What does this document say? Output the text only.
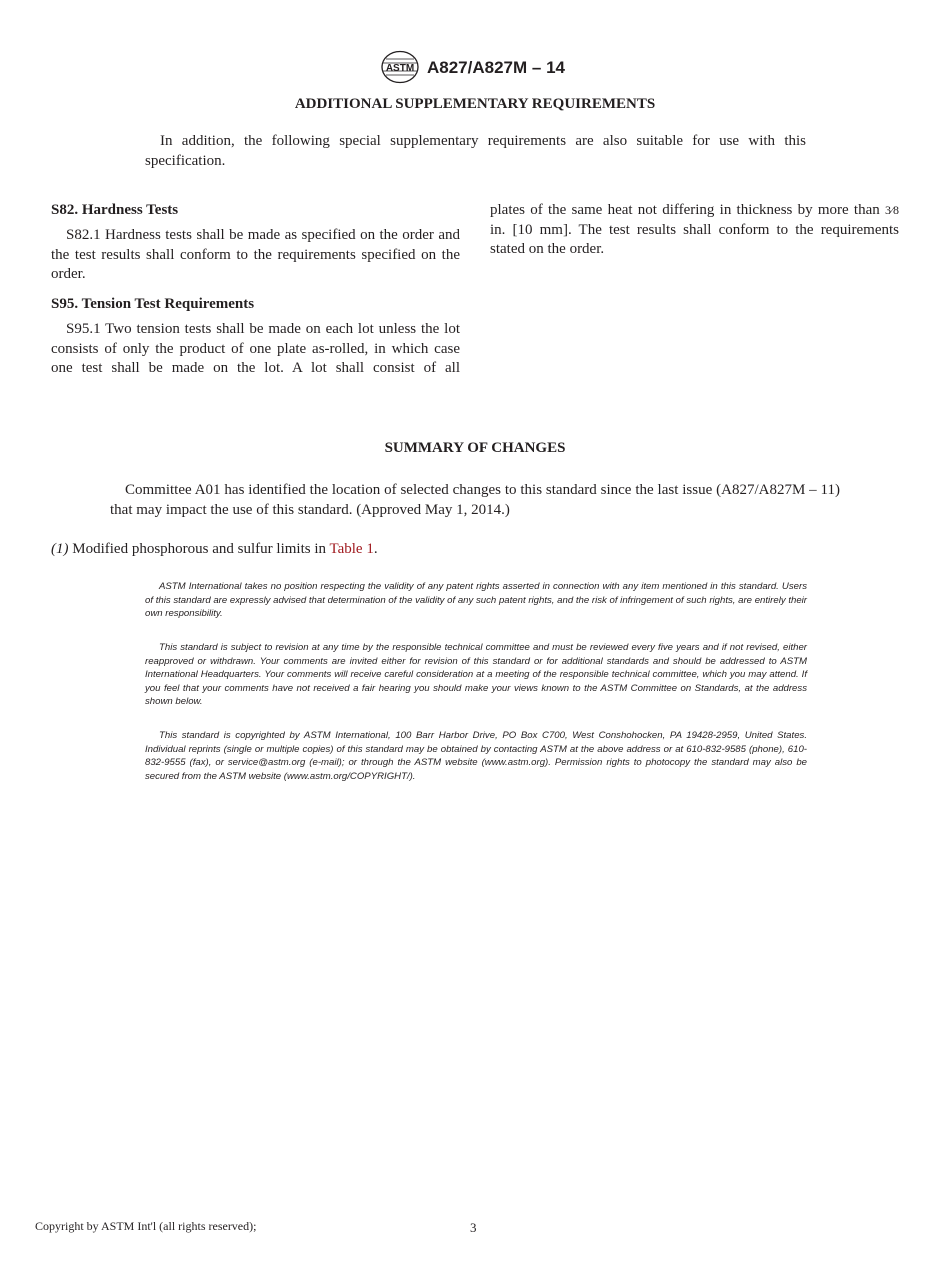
ASTM A827/A827M – 14
ADDITIONAL SUPPLEMENTARY REQUIREMENTS

In addition, the following special supplementary requirements are also suitable for use with this specification.

S82. Hardness Tests

S82.1 Hardness tests shall be made as specified on the order and the test results shall conform to the requirements specified on the order.

S95. Tension Test Requirements

S95.1 Two tension tests shall be made on each lot unless the lot consists of only the product of one plate as-rolled, in which case one test shall be made on the lot. A lot shall consist of all

plates of the same heat not differing in thickness by more than 3⁄8 in. [10 mm]. The test results shall conform to the requirements stated on the order.

SUMMARY OF CHANGES

Committee A01 has identified the location of selected changes to this standard since the last issue (A827/A827M – 11) that may impact the use of this standard. (Approved May 1, 2014.)

(1) Modified phosphorous and sulfur limits in Table 1.

ASTM International takes no position respecting the validity of any patent rights asserted in connection with any item mentioned in this standard. Users of this standard are expressly advised that determination of the validity of any such patent rights, and the risk of infringement of such rights, are entirely their own responsibility.

This standard is subject to revision at any time by the responsible technical committee and must be reviewed every five years and if not revised, either reapproved or withdrawn. Your comments are invited either for revision of this standard or for additional standards and should be addressed to ASTM International Headquarters. Your comments will receive careful consideration at a meeting of the responsible technical committee, which you may attend. If you feel that your comments have not received a fair hearing you should make your views known to the ASTM Committee on Standards, at the address shown below.

This standard is copyrighted by ASTM International, 100 Barr Harbor Drive, PO Box C700, West Conshohocken, PA 19428-2959, United States. Individual reprints (single or multiple copies) of this standard may be obtained by contacting ASTM at the above address or at 610-832-9585 (phone), 610-832-9555 (fax), or service@astm.org (e-mail); or through the ASTM website (www.astm.org). Permission rights to photocopy the standard may also be secured from the ASTM website (www.astm.org/COPYRIGHT/).

Copyright by ASTM Int'l (all rights reserved);	3
